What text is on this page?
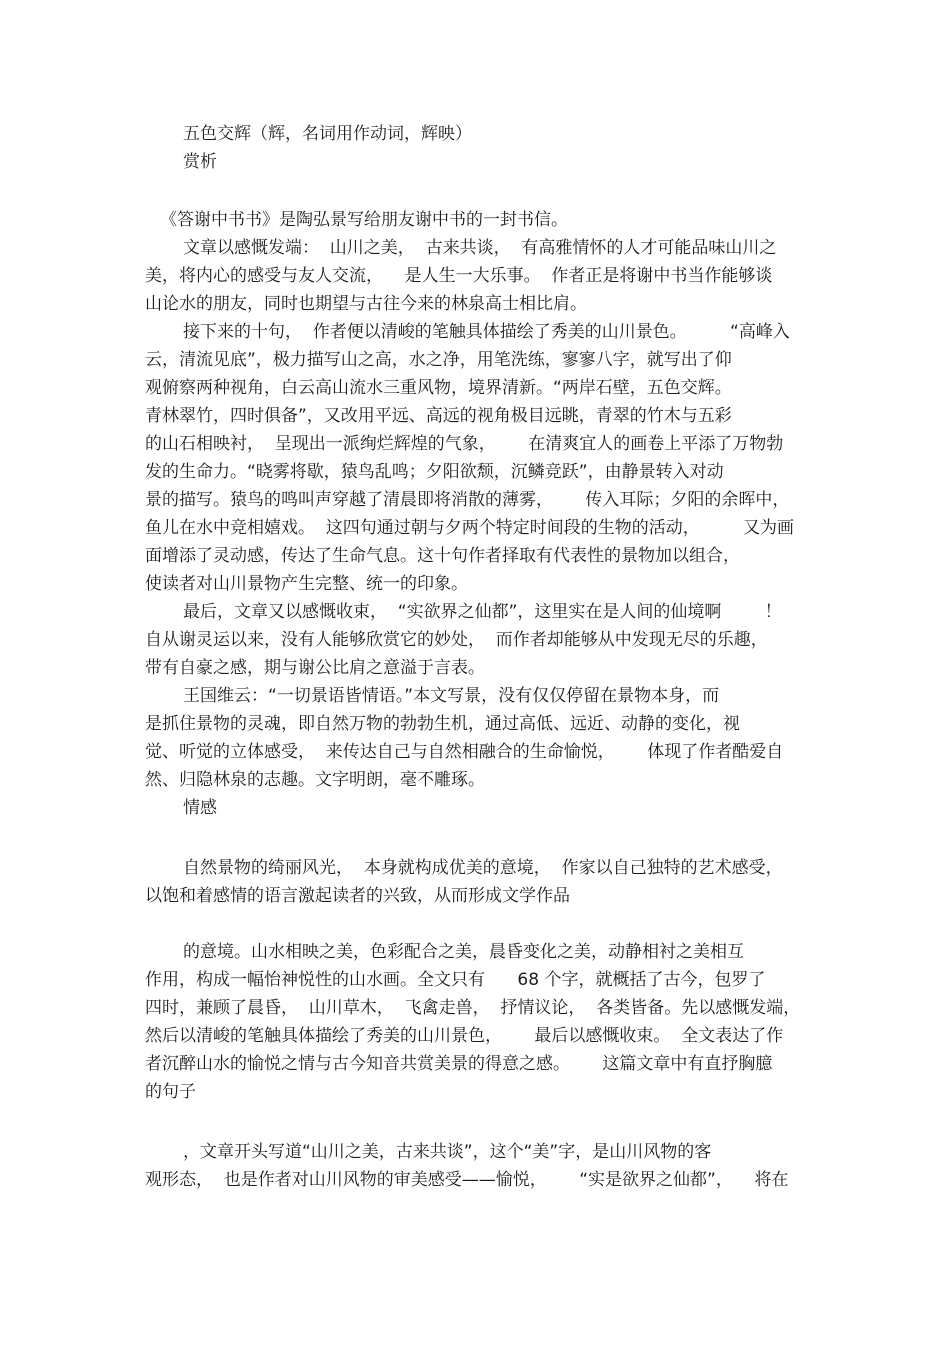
五色交辉（辉，名词用作动词，辉映）
赏析
《答谢中书书》是陶弘景写给朋友谢中书的一封书信。
文章以感慨发端：  山川之美，  古来共谈，  有高雅情怀的人才可能品味山川之
美，将内心的感受与友人交流，    是人生一大乐事。  作者正是将谢中书当作能够谈
山论水的朋友，同时也期望与古往今来的林泉高士相比肩。
接下来的十句，  作者便以清峻的笔触具体描绘了秀美的山川景色。        “高峰入
云，清流见底”，极力描写山之高，水之净，用笔洗练，寥寥八字，就写出了仰
观俯察两种视角，白云高山流水三重风物，境界清新。“两岸石壁，五色交辉。
青林翠竹，四时俱备”，又改用平远、高远的视角极目远眺，青翠的竹木与五彩
的山石相映衬，  呈现出一派绚烂辉煌的气象，      在清爽宜人的画卷上平添了万物勃
发的生命力。“晓雾将歇，猿鸟乱鸣；夕阳欲颓，沉鳞竞跃”，由静景转入对动
景的描写。猿鸟的鸣叫声穿越了清晨即将消散的薄雾，      传入耳际；夕阳的余晖中，
鱼儿在水中竞相嬉戏。  这四句通过朝与夕两个特定时间段的生物的活动，        又为画
面增添了灵动感，传达了生命气息。这十句作者择取有代表性的景物加以组合，
使读者对山川景物产生完整、统一的印象。
最后，文章又以感慨收束，  “实欲界之仙都”，这里实在是人间的仙境啊        ！
自从谢灵运以来，没有人能够欣赏它的妙处，  而作者却能够从中发现无尽的乐趣，
带有自豪之感，期与谢公比肩之意溢于言表。
王国维云：“一切景语皆情语。”本文写景，没有仅仅停留在景物本身，而
是抓住景物的灵魂，即自然万物的勃勃生机，通过高低、远近、动静的变化，视
觉、听觉的立体感受，  来传达自己与自然相融合的生命愉悦，      体现了作者酷爱自
然、归隐林泉的志趣。文字明朗，毫不雕琢。
情感
自然景物的绮丽风光，  本身就构成优美的意境，  作家以自己独特的艺术感受，
以饱和着感情的语言激起读者的兴致，从而形成文学作品
的意境。山水相映之美，色彩配合之美，晨昏变化之美，动静相衬之美相互
作用，构成一幅怡神悦性的山水画。全文只有      68 个字，就概括了古今，包罗了
四时，兼顾了晨昏，  山川草木，  飞禽走兽，  抒情议论，  各类皆备。先以感慨发端，
然后以清峻的笔触具体描绘了秀美的山川景色，      最后以感慨收束。  全文表达了作
者沉醉山水的愉悦之情与古今知音共赏美景的得意之感。      这篇文章中有直抒胸臆
的句子
，文章开头写道“山川之美，古来共谈”，这个“美”字，是山川风物的客
观形态，  也是作者对山川风物的审美感受——愉悦，      “实是欲界之仙都”，    将在
